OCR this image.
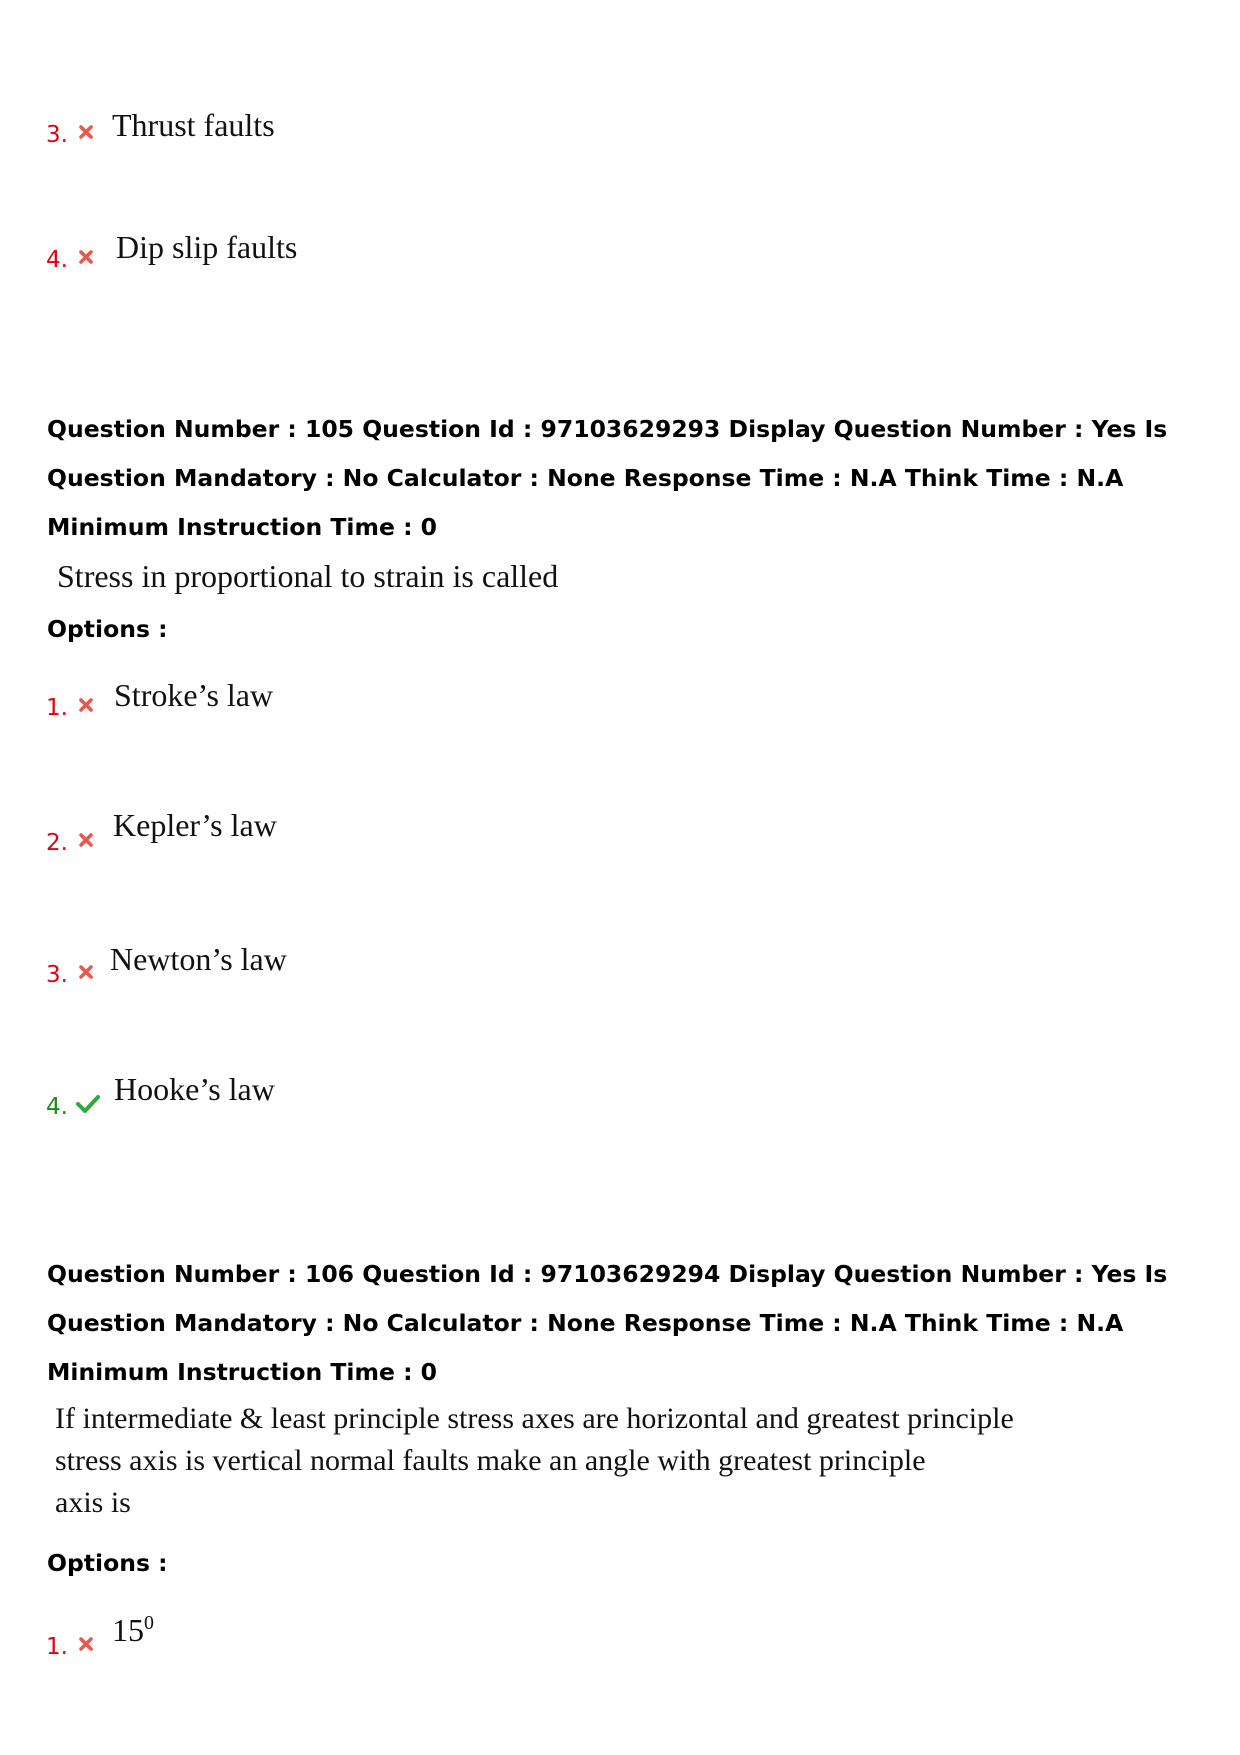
3. Thrust faults
4. Dip slip faults
Question Number : 105 Question Id : 97103629293 Display Question Number : Yes Is Question Mandatory : No Calculator : None Response Time : N.A Think Time : N.A Minimum Instruction Time : 0
Stress in proportional to strain is called
Options :
1. Stroke’s law
2. Kepler’s law
3. Newton’s law
4. Hooke’s law
Question Number : 106 Question Id : 97103629294 Display Question Number : Yes Is Question Mandatory : No Calculator : None Response Time : N.A Think Time : N.A Minimum Instruction Time : 0
If intermediate & least principle stress axes are horizontal and greatest principle
stress axis is vertical normal faults make an angle with greatest principle
axis is
Options :
1. $15^0$
